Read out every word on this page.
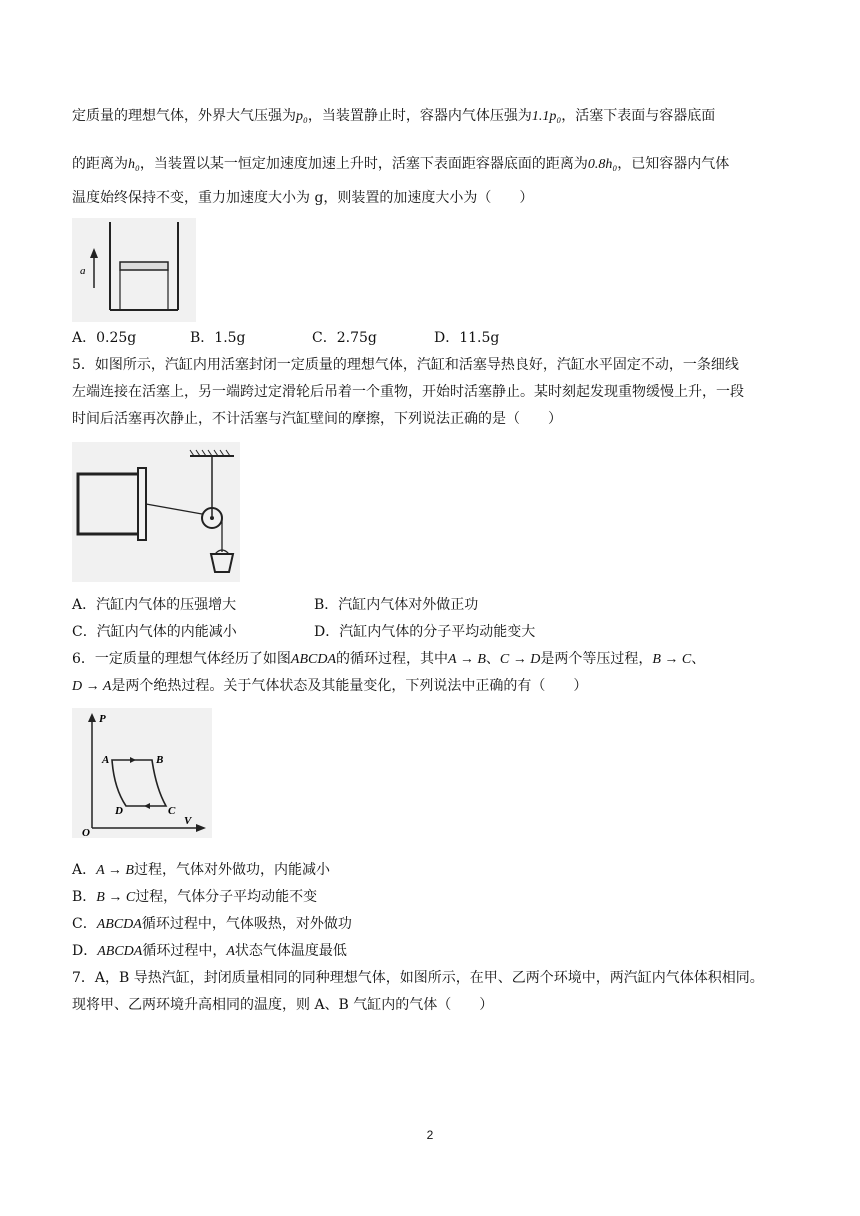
定质量的理想气体，外界大气压强为p₀，当装置静止时，容器内气体压强为1.1p₀，活塞下表面与容器底面
的距离为h₀，当装置以某一恒定加速度加速上升时，活塞下表面距容器底面的距离为0.8h₀，已知容器内气体
温度始终保持不变，重力加速度大小为 g，则装置的加速度大小为（　　）
a
A．0.25g	B．1.5g	C．2.75g	D．11.5g
5．如图所示，汽缸内用活塞封闭一定质量的理想气体，汽缸和活塞导热良好，汽缸水平固定不动，一条细线
左端连接在活塞上，另一端跨过定滑轮后吊着一个重物，开始时活塞静止。某时刻起发现重物缓慢上升，一段
时间后活塞再次静止，不计活塞与汽缸壁间的摩擦，下列说法正确的是（　　）
A．汽缸内气体的压强增大	B．汽缸内气体对外做正功
C．汽缸内气体的内能减小	D．汽缸内气体的分子平均动能变大
6．一定质量的理想气体经历了如图ABCDA的循环过程，其中A → B、C → D是两个等压过程，B → C、
D → A是两个绝热过程。关于气体状态及其能量变化，下列说法中正确的有（　　）
P
V
O
A	B
C
D
A．A → B过程，气体对外做功，内能减小
B．B → C过程，气体分子平均动能不变
C．ABCDA循环过程中，气体吸热，对外做功
D．ABCDA循环过程中，A状态气体温度最低
7．A，B 导热汽缸，封闭质量相同的同种理想气体，如图所示，在甲、乙两个环境中，两汽缸内气体体积相同。
现将甲、乙两环境升高相同的温度，则 A、B 气缸内的气体（　　）
2
